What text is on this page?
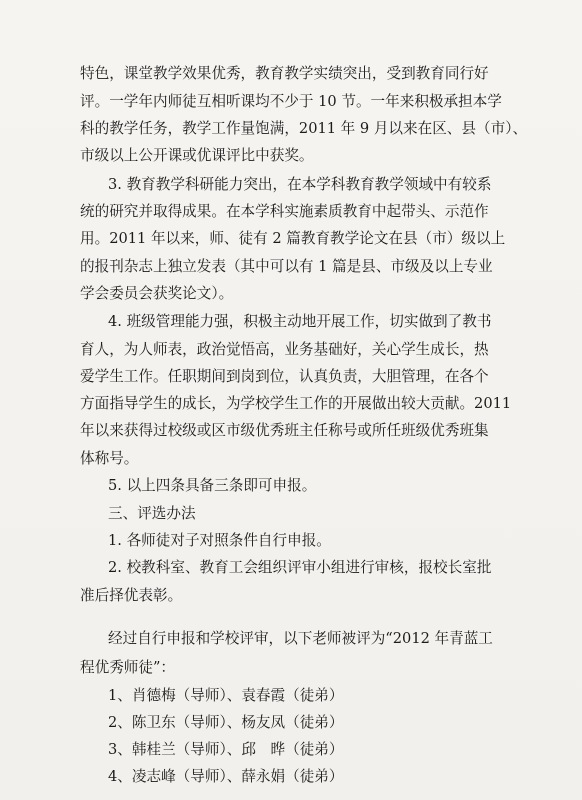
特色，课堂教学效果优秀，教育教学实绩突出，受到教育同行好
评。一学年内师徒互相听课均不少于 10 节。一年来积极承担本学
科的教学任务，教学工作量饱满，2011 年 9 月以来在区、县（市）、
市级以上公开课或优课评比中获奖。
3. 教育教学科研能力突出，在本学科教育教学领域中有较系
统的研究并取得成果。在本学科实施素质教育中起带头、示范作
用。2011 年以来，师、徒有 2 篇教育教学论文在县（市）级以上
的报刊杂志上独立发表（其中可以有 1 篇是县、市级及以上专业
学会委员会获奖论文）。
4. 班级管理能力强，积极主动地开展工作，切实做到了教书
育人，为人师表，政治觉悟高，业务基础好，关心学生成长，热
爱学生工作。任职期间到岗到位，认真负责，大胆管理，在各个
方面指导学生的成长，为学校学生工作的开展做出较大贡献。2011
年以来获得过校级或区市级优秀班主任称号或所任班级优秀班集
体称号。
5. 以上四条具备三条即可申报。
三、评选办法
1. 各师徒对子对照条件自行申报。
2. 校教科室、教育工会组织评审小组进行审核，报校长室批
准后择优表彰。
经过自行申报和学校评审，以下老师被评为“2012 年青蓝工
程优秀师徒”：
1、肖德梅（导师）、袁春霞（徒弟）
2、陈卫东（导师）、杨友凤（徒弟）
3、韩桂兰（导师）、邱　晔（徒弟）
4、凌志峰（导师）、薛永娟（徒弟）
